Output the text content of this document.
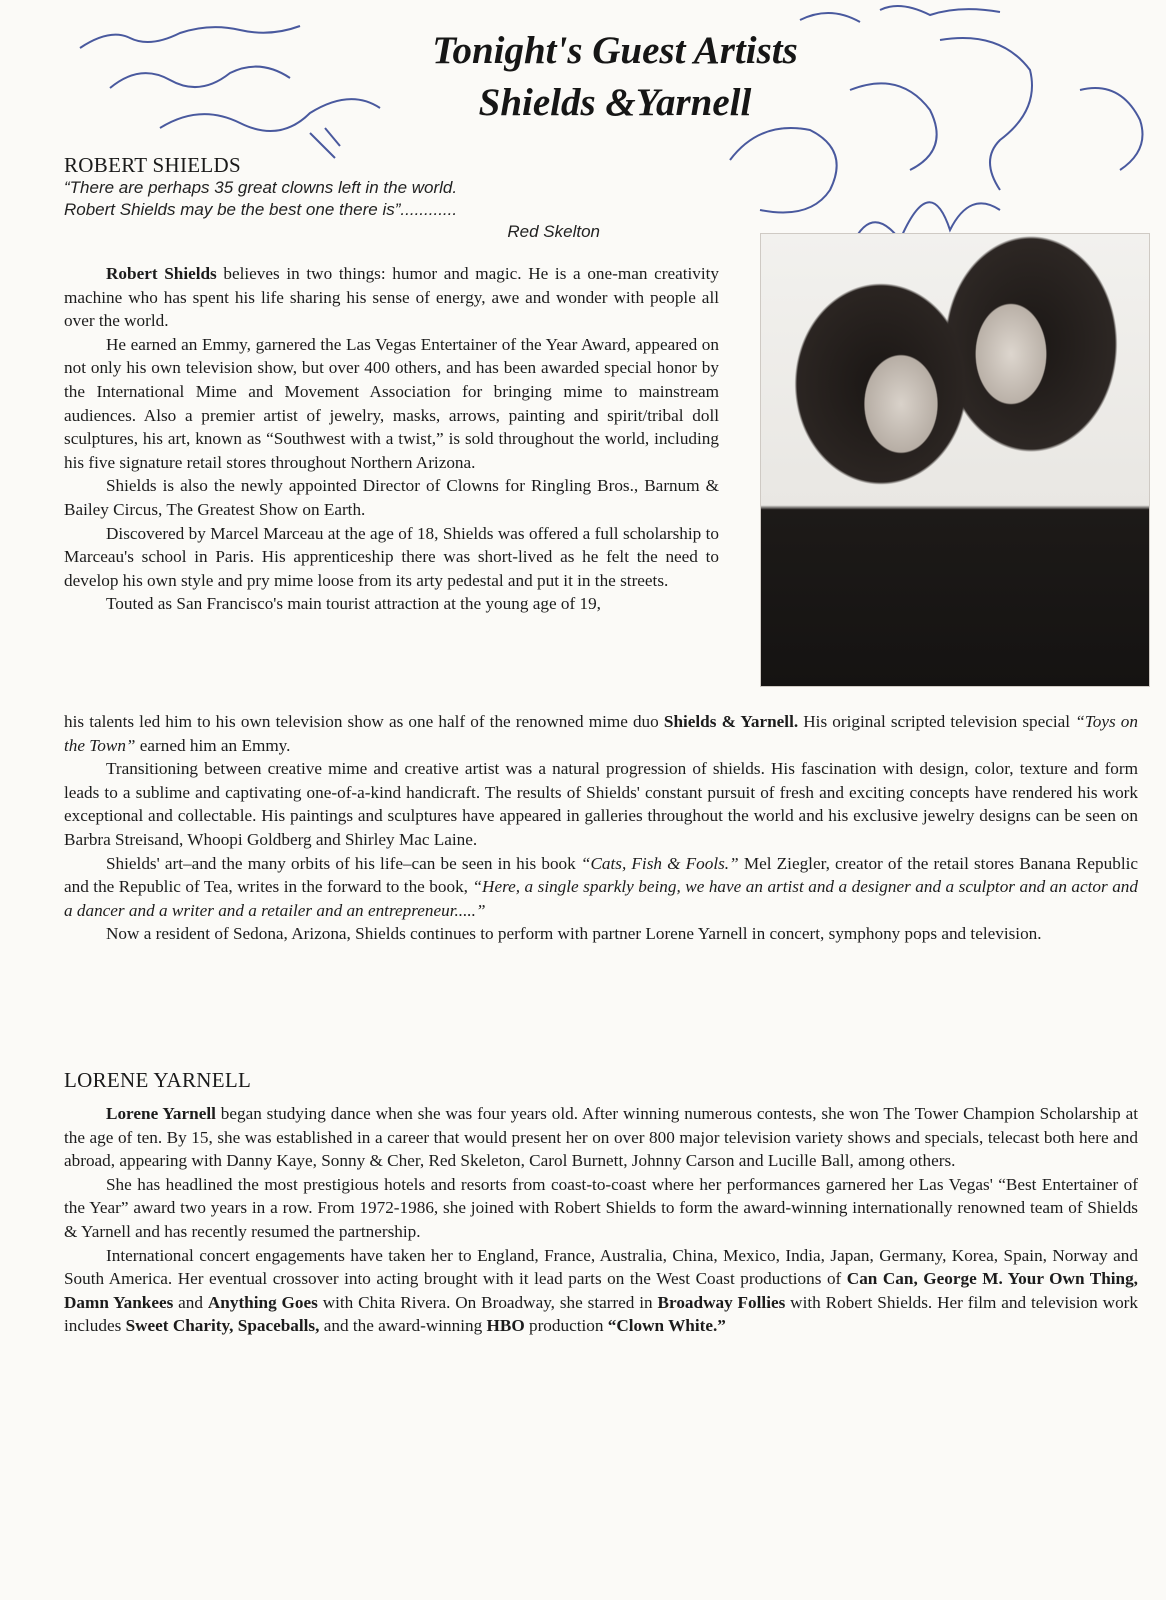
Tonight's Guest Artists
Shields &Yarnell
ROBERT SHIELDS
“There are perhaps 35 great clowns left in the world.
Robert Shields may be the best one there is”............
Red Skelton

Robert Shields believes in two things: humor and magic. He is a one-man creativity machine who has spent his life sharing his sense of energy, awe and wonder with people all over the world.

He earned an Emmy, garnered the Las Vegas Entertainer of the Year Award, appeared on not only his own television show, but over 400 others, and has been awarded special honor by the International Mime and Movement Association for bringing mime to mainstream audiences. Also a premier artist of jewelry, masks, arrows, painting and spirit/tribal doll sculptures, his art, known as “Southwest with a twist,” is sold throughout the world, including his five signature retail stores throughout Northern Arizona.

Shields is also the newly appointed Director of Clowns for Ringling Bros., Barnum & Bailey Circus, The Greatest Show on Earth.

Discovered by Marcel Marceau at the age of 18, Shields was offered a full scholarship to Marceau's school in Paris. His apprenticeship there was short-lived as he felt the need to develop his own style and pry mime loose from its arty pedestal and put it in the streets.

Touted as San Francisco's main tourist attraction at the young age of 19,

his talents led him to his own television show as one half of the renowned mime duo Shields & Yarnell. His original scripted television special “Toys on the Town” earned him an Emmy.

Transitioning between creative mime and creative artist was a natural progression of shields. His fascination with design, color, texture and form leads to a sublime and captivating one-of-a-kind handicraft. The results of Shields' constant pursuit of fresh and exciting concepts have rendered his work exceptional and collectable. His paintings and sculptures have appeared in galleries throughout the world and his exclusive jewelry designs can be seen on Barbra Streisand, Whoopi Goldberg and Shirley Mac Laine.

Shields' art–and the many orbits of his life–can be seen in his book “Cats, Fish & Fools.” Mel Ziegler, creator of the retail stores Banana Republic and the Republic of Tea, writes in the forward to the book, “Here, a single sparkly being, we have an artist and a designer and a sculptor and an actor and a dancer and a writer and a retailer and an entrepreneur.....”

Now a resident of Sedona, Arizona, Shields continues to perform with partner Lorene Yarnell in concert, symphony pops and television.

LORENE YARNELL

Lorene Yarnell began studying dance when she was four years old. After winning numerous contests, she won The Tower Champion Scholarship at the age of ten. By 15, she was established in a career that would present her on over 800 major television variety shows and specials, telecast both here and abroad, appearing with Danny Kaye, Sonny & Cher, Red Skeleton, Carol Burnett, Johnny Carson and Lucille Ball, among others.

She has headlined the most prestigious hotels and resorts from coast-to-coast where her performances garnered her Las Vegas' “Best Entertainer of the Year” award two years in a row. From 1972-1986, she joined with Robert Shields to form the award-winning internationally renowned team of Shields & Yarnell and has recently resumed the partnership.

International concert engagements have taken her to England, France, Australia, China, Mexico, India, Japan, Germany, Korea, Spain, Norway and South America. Her eventual crossover into acting brought with it lead parts on the West Coast productions of Can Can, George M. Your Own Thing, Damn Yankees and Anything Goes with Chita Rivera. On Broadway, she starred in Broadway Follies with Robert Shields. Her film and television work includes Sweet Charity, Spaceballs, and the award-winning HBO production “Clown White.”
